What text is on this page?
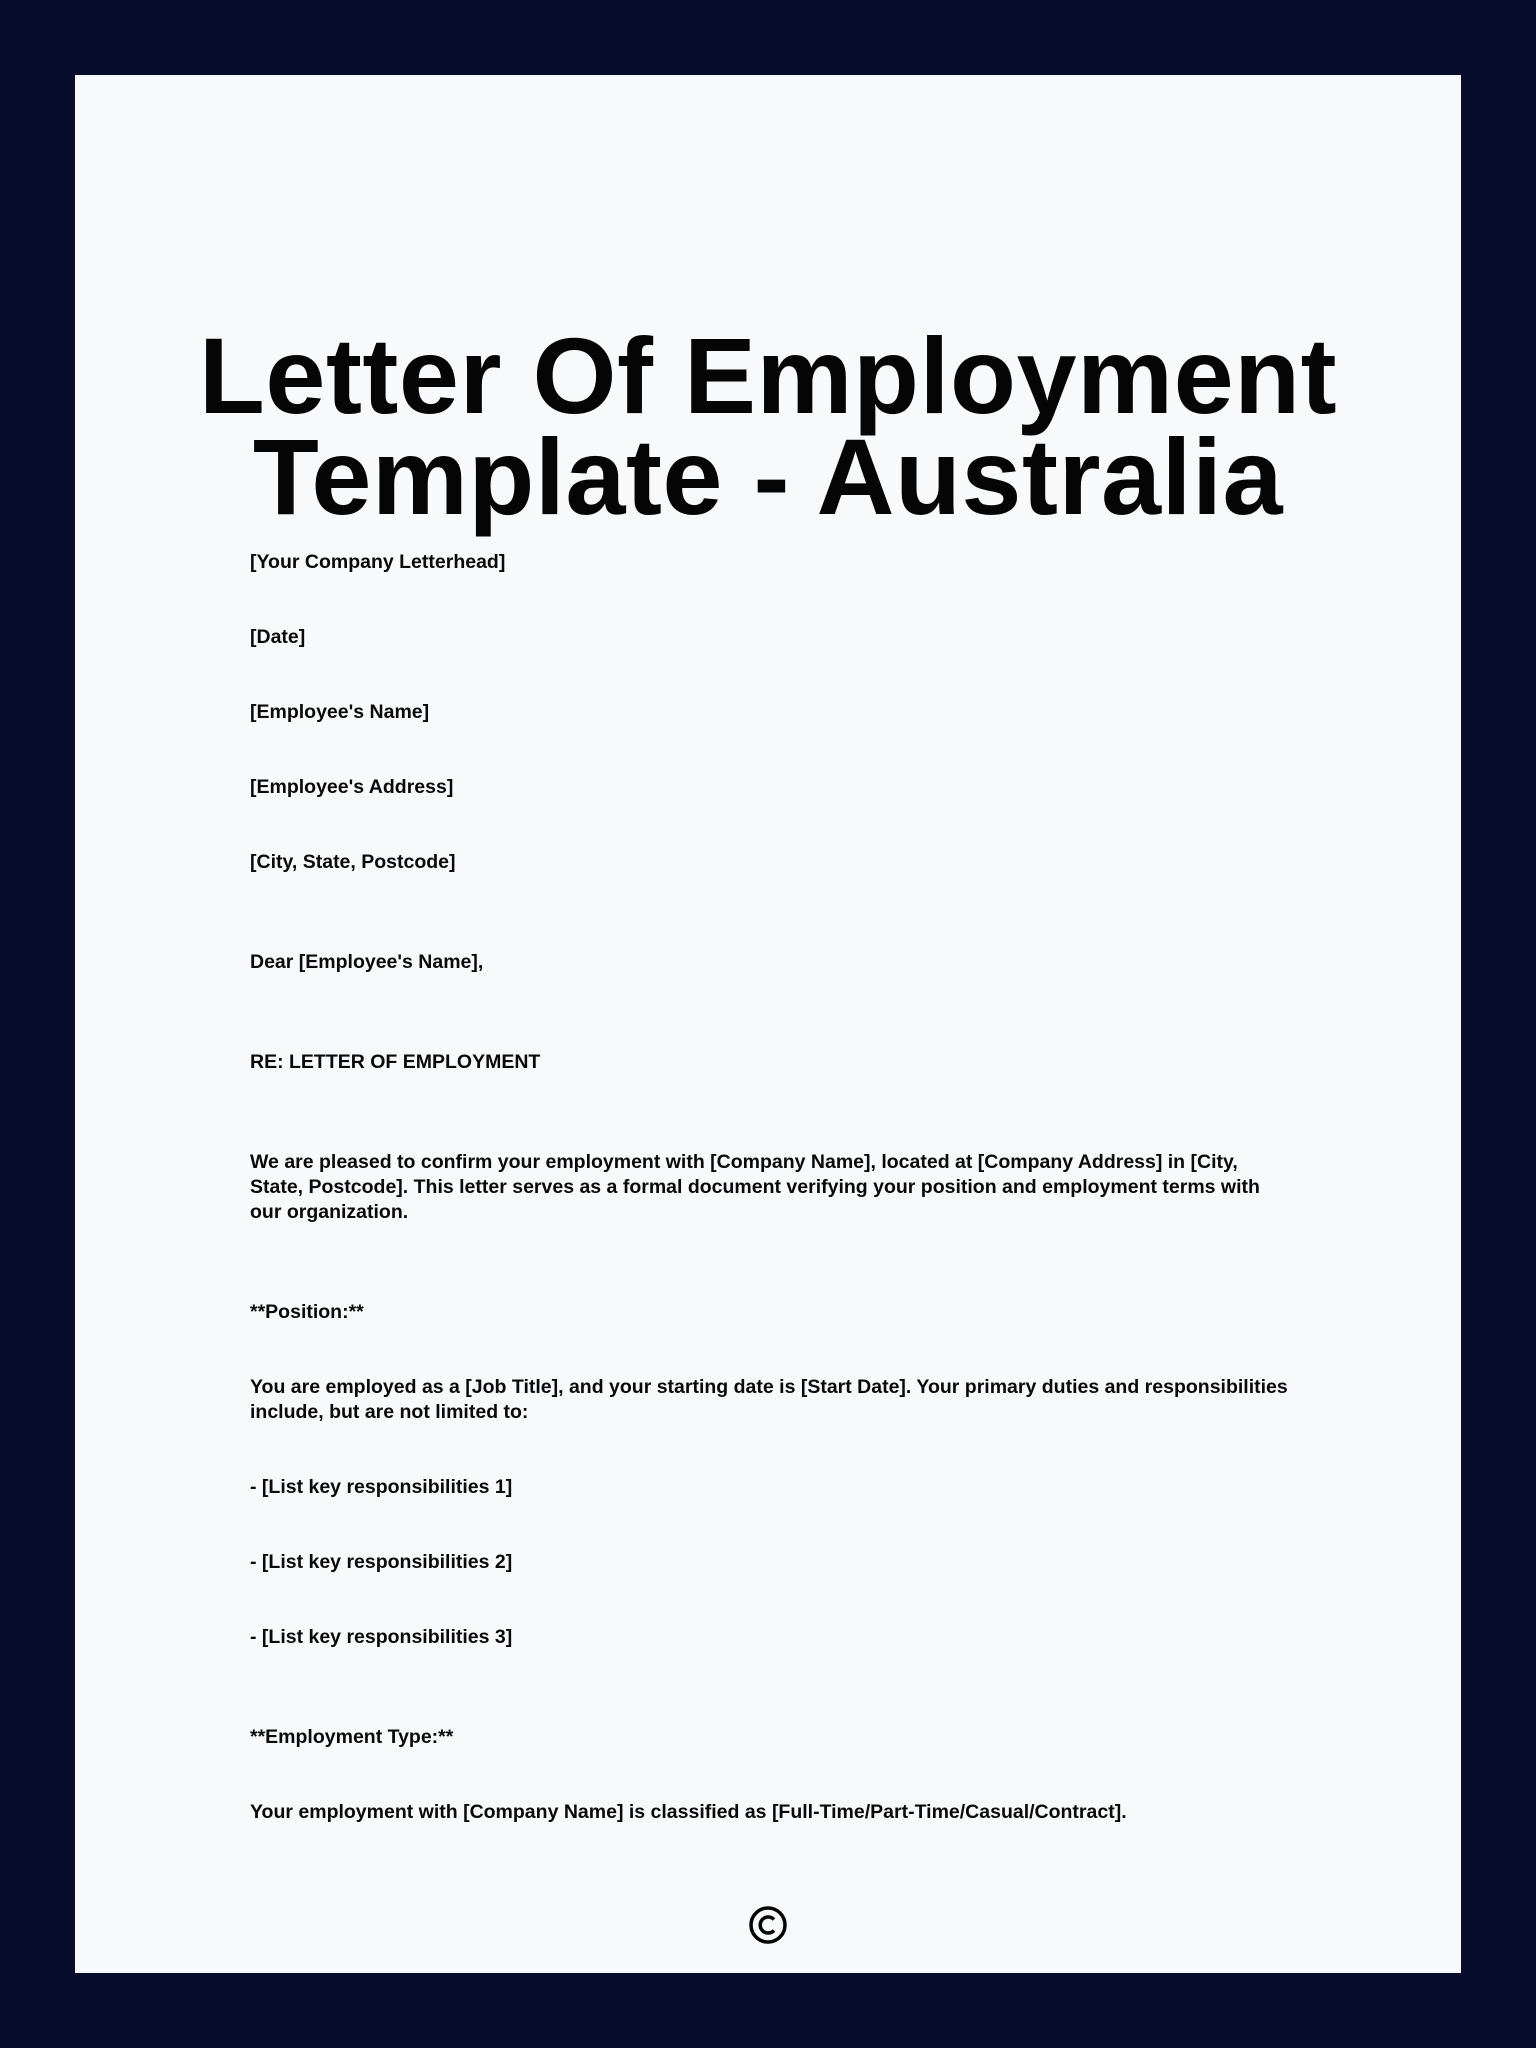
Letter Of Employment
Template - Australia

[Your Company Letterhead]

[Date]

[Employee's Name]

[Employee's Address]

[City, State, Postcode]

Dear [Employee's Name],

RE: LETTER OF EMPLOYMENT

We are pleased to confirm your employment with [Company Name], located at [Company Address] in [City, State, Postcode]. This letter serves as a formal document verifying your position and employment terms with our organization.

**Position:**

You are employed as a [Job Title], and your starting date is [Start Date]. Your primary duties and responsibilities include, but are not limited to:

- [List key responsibilities 1]

- [List key responsibilities 2]

- [List key responsibilities 3]

**Employment Type:**

Your employment with [Company Name] is classified as [Full-Time/Part-Time/Casual/Contract].
